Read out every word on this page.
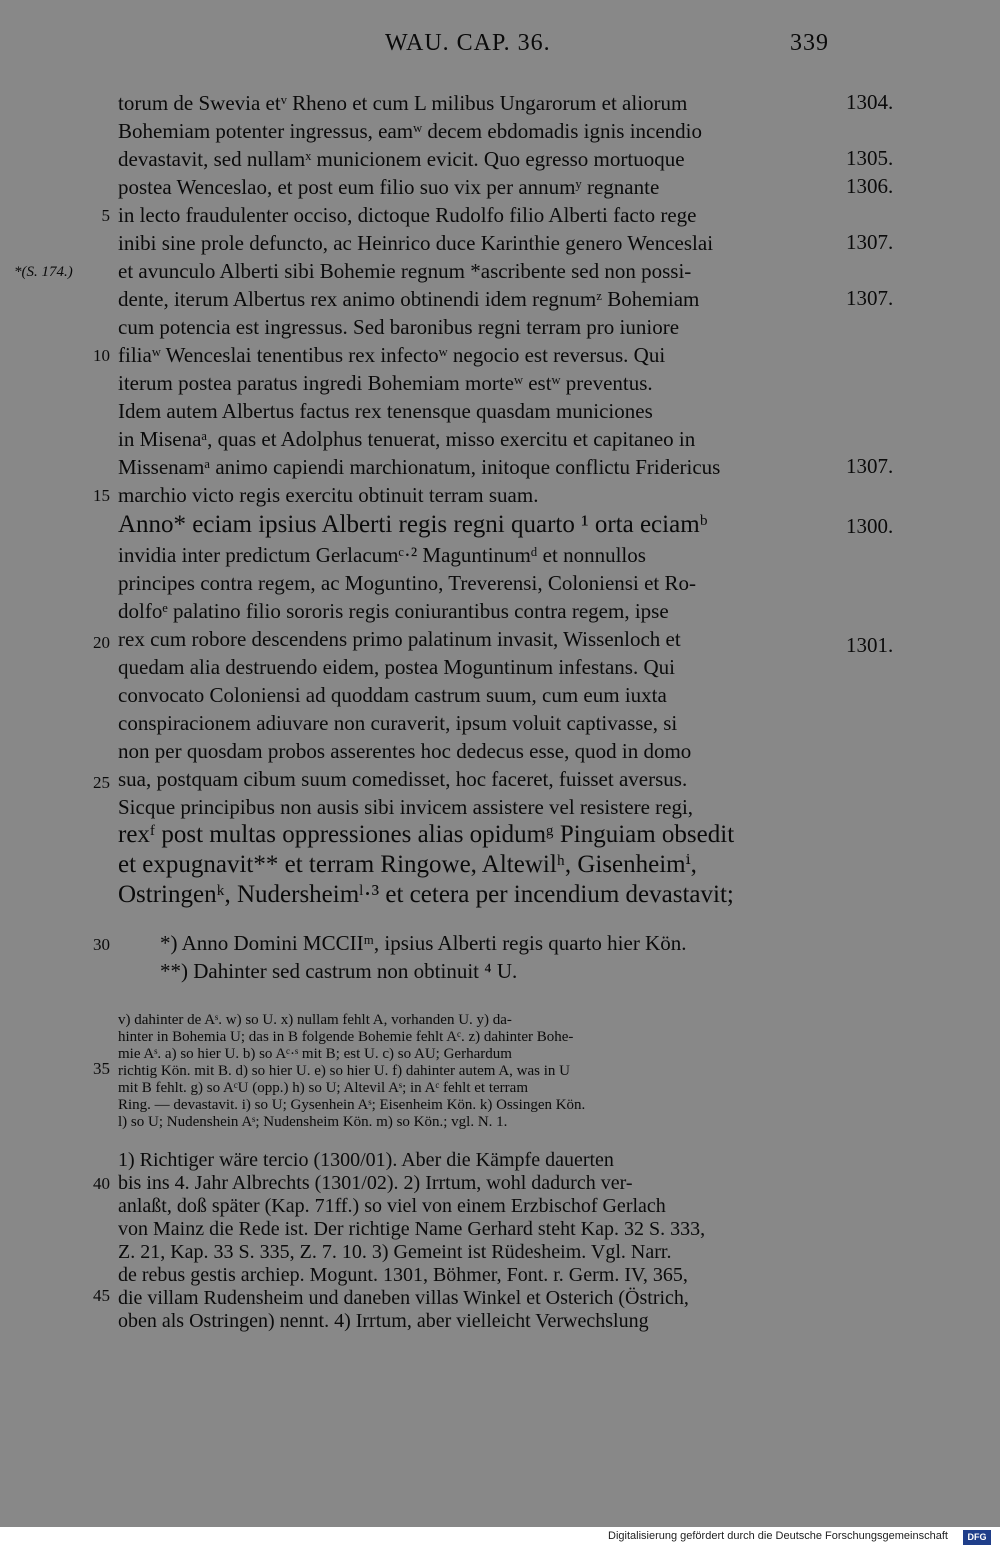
WAU. CAP. 36.	339
torum de Swevia etᵛ Rheno et cum L milibus Ungarorum et aliorum
Bohemiam potenter ingressus, eamʷ decem ebdomadis ignis incendio
devastavit, sed nullamˣ municionem evicit. Quo egresso mortuoque
postea Wenceslao, et post eum filio suo vix per annumʸ regnante
in lecto fraudulenter occiso, dictoque Rudolfo filio Alberti facto rege
inibi sine prole defuncto, ac Heinrico duce Karinthie genero Wenceslai
et avunculo Alberti sibi Bohemie regnum *ascribente sed non possi-
dente, iterum Albertus rex animo obtinendi idem regnumᶻ Bohemiam
cum potencia est ingressus. Sed baronibus regni terram pro iuniore
filiaʷ Wenceslai tenentibus rex infectoʷ negocio est reversus. Qui
iterum postea paratus ingredi Bohemiam morteʷ estʷ preventus.
Idem autem Albertus factus rex tenensque quasdam municiones
in Misenaᵃ, quas et Adolphus tenuerat, misso exercitu et capitaneo in
Missenamᵃ animo capiendi marchionatum, initoque conflictu Fridericus
marchio victo regis exercitu obtinuit terram suam.
Anno* eciam ipsius Alberti regis regni quarto ¹ orta eciamᵇ
invidia inter predictum Gerlacumᶜ·² Maguntinumᵈ et nonnullos
principes contra regem, ac Moguntino, Treverensi, Coloniensi et Ro-
dolfoᵉ palatino filio sororis regis coniurantibus contra regem, ipse
rex cum robore descendens primo palatinum invasit, Wissenloch et
quedam alia destruendo eidem, postea Moguntinum infestans. Qui
convocato Coloniensi ad quoddam castrum suum, cum eum iuxta
conspiracionem adiuvare non curaverit, ipsum voluit captivasse, si
non per quosdam probos asserentes hoc dedecus esse, quod in domo
sua, postquam cibum suum comedisset, hoc faceret, fuisset aversus.
Sicque principibus non ausis sibi invicem assistere vel resistere regi,
rexᶠ post multas oppressiones alias opidumᵍ Pinguiam obsedit
et expugnavit** et terram Ringowe, Altewilʰ, Gisenheimⁱ,
Ostringenᵏ, Nudersheimˡ·³ et cetera per incendium devastavit;
1304.
1305.
1306.
1307.
1307.
1307.
1300.
1301.
*(S. 174.)
5
10
15
20
25
30
35
40
45
*) Anno Domini MCCIIᵐ, ipsius Alberti regis quarto hier Kön.
**) Dahinter sed castrum non obtinuit ⁴ U.
v) dahinter de Aˢ. w) so U. x) nullam fehlt A, vorhanden U. y) da-
hinter in Bohemia U; das in B folgende Bohemie fehlt Aᶜ. z) dahinter Bohe-
mie Aˢ. a) so hier U. b) so Aᶜ·ˢ mit B; est U. c) so AU; Gerhardum
richtig Kön. mit B. d) so hier U. e) so hier U. f) dahinter autem A, was in U
mit B fehlt. g) so AᶜU (opp.) h) so U; Altevil Aˢ; in Aᶜ fehlt et terram
Ring. — devastavit. i) so U; Gysenhein Aˢ; Eisenheim Kön. k) Ossingen Kön.
l) so U; Nudenshein Aˢ; Nudensheim Kön. m) so Kön.; vgl. N. 1.
1) Richtiger wäre tercio (1300/01). Aber die Kämpfe dauerten
bis ins 4. Jahr Albrechts (1301/02). 2) Irrtum, wohl dadurch ver-
anlaßt, doß später (Kap. 71ff.) so viel von einem Erzbischof Gerlach
von Mainz die Rede ist. Der richtige Name Gerhard steht Kap. 32 S. 333,
Z. 21, Kap. 33 S. 335, Z. 7. 10. 3) Gemeint ist Rüdesheim. Vgl. Narr.
de rebus gestis archiep. Mogunt. 1301, Böhmer, Font. r. Germ. IV, 365,
die villam Rudensheim und daneben villas Winkel et Osterich (Östrich,
oben als Ostringen) nennt. 4) Irrtum, aber vielleicht Verwechslung
Digitalisierung gefördert durch die Deutsche Forschungsgemeinschaft	DFG
